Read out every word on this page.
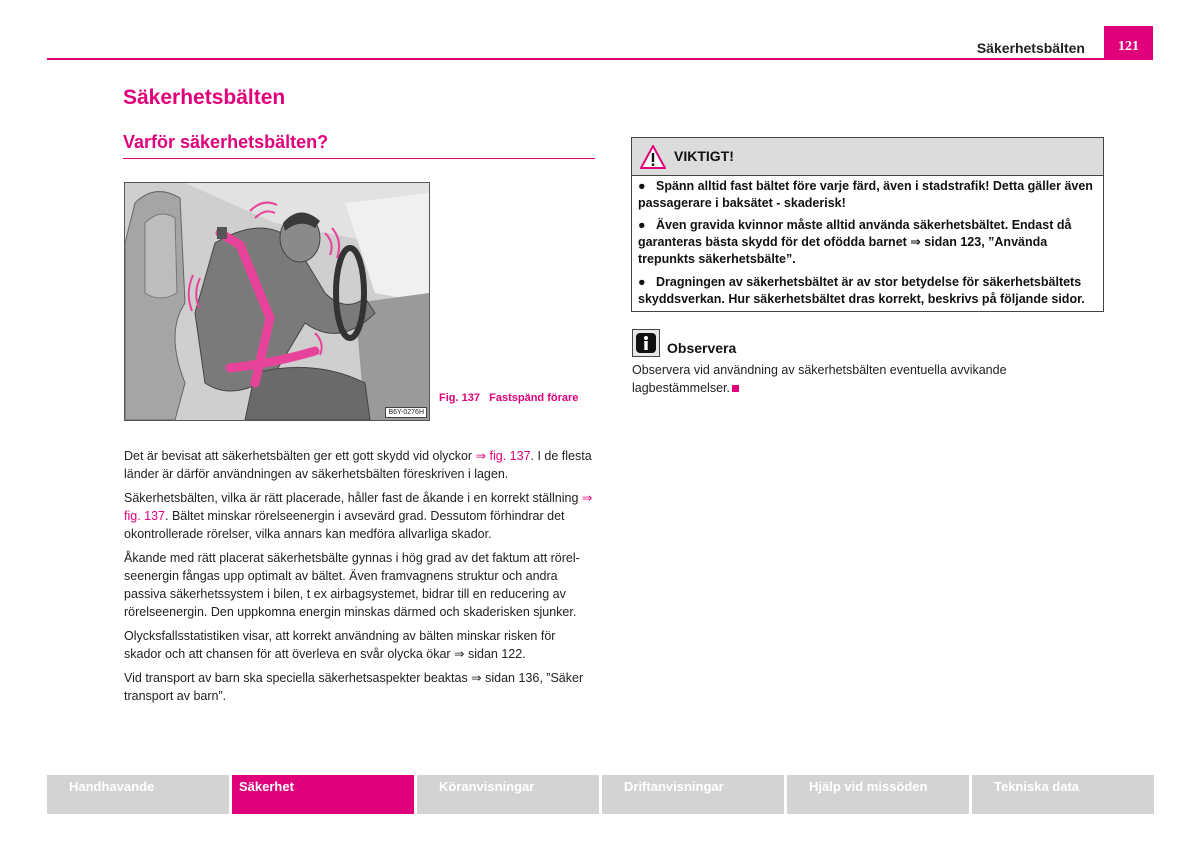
Säkerhetsbälten	121
Säkerhetsbälten
Varför säkerhetsbälten?
B6Y-0276H
Fig. 137 Fastspänd förare

Det är bevisat att säkerhetsbälten ger ett gott skydd vid olyckor ⇒ fig. 137. I de flesta länder är därför användningen av säkerhetsbälten föreskriven i lagen.

Säkerhetsbälten, vilka är rätt placerade, håller fast de åkande i en korrekt ställning ⇒ fig. 137. Bältet minskar rörelseenergin i avsevärd grad. Dessutom förhindrar det okontrollerade rörelser, vilka annars kan medföra allvarliga skador.

Åkande med rätt placerat säkerhetsbälte gynnas i hög grad av det faktum att rörel-seenergin fångas upp optimalt av bältet. Även framvagnens struktur och andra passiva säkerhetssystem i bilen, t ex airbagsystemet, bidrar till en reducering av rörelseenergin. Den uppkomna energin minskas därmed och skaderisken sjunker.

Olycksfallsstatistiken visar, att korrekt användning av bälten minskar risken för skador och att chansen för att överleva en svår olycka ökar ⇒ sidan 122.

Vid transport av barn ska speciella säkerhetsaspekter beaktas ⇒ sidan 136, ”Säker transport av barn”.

VIKTIGT!
● Spänn alltid fast bältet före varje färd, även i stadstrafik! Detta gäller även passagerare i baksätet - skaderisk!
● Även gravida kvinnor måste alltid använda säkerhetsbältet. Endast då garanteras bästa skydd för det ofödda barnet ⇒ sidan 123, ”Använda trepunkts säkerhetsbälte”.
● Dragningen av säkerhetsbältet är av stor betydelse för säkerhetsbältets skyddsverkan. Hur säkerhetsbältet dras korrekt, beskrivs på följande sidor.
Observera
Observera vid användning av säkerhetsbälten eventuella avvikande lagbestämmelser.
Handhavande	Säkerhet	Köranvisningar	Driftanvisningar	Hjälp vid missöden	Tekniska data
